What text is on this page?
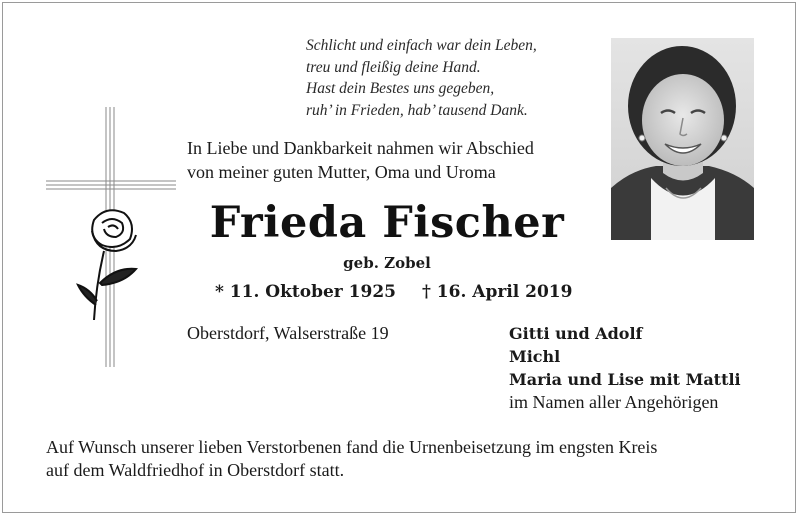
Schlicht und einfach war dein Leben,
treu und fleißig deine Hand.
Hast dein Bestes uns gegeben,
ruh’ in Frieden, hab’ tausend Dank.
In Liebe und Dankbarkeit nahmen wir Abschied
von meiner guten Mutter, Oma und Uroma
Frieda Fischer
geb. Zobel
* 11. Oktober 1925 † 16. April 2019
Oberstdorf, Walserstraße 19	Gitti und Adolf
Michl
Maria und Lise mit Mattli
im Namen aller Angehörigen
Auf Wunsch unserer lieben Verstorbenen fand die Urnenbeisetzung im engsten Kreis
auf dem Waldfriedhof in Oberstdorf statt.
